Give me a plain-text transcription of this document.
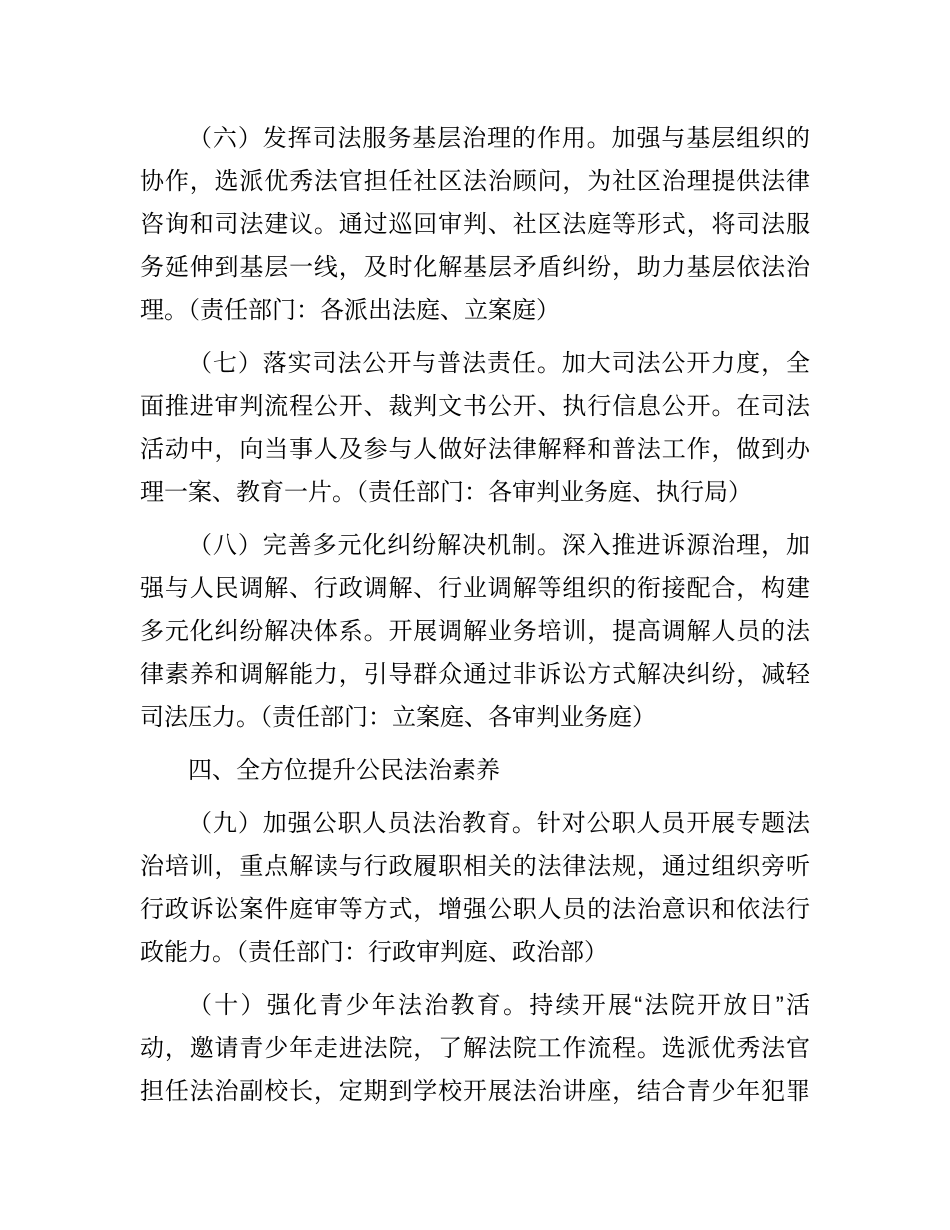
（六）发挥司法服务基层治理的作用。加强与基层组织的
协作，选派优秀法官担任社区法治顾问，为社区治理提供法律
咨询和司法建议。通过巡回审判、社区法庭等形式，将司法服
务延伸到基层一线，及时化解基层矛盾纠纷，助力基层依法治
理。（责任部门：各派出法庭、立案庭）
（七）落实司法公开与普法责任。加大司法公开力度，全
面推进审判流程公开、裁判文书公开、执行信息公开。在司法
活动中，向当事人及参与人做好法律解释和普法工作，做到办
理一案、教育一片。（责任部门：各审判业务庭、执行局）
（八）完善多元化纠纷解决机制。深入推进诉源治理，加
强与人民调解、行政调解、行业调解等组织的衔接配合，构建
多元化纠纷解决体系。开展调解业务培训，提高调解人员的法
律素养和调解能力，引导群众通过非诉讼方式解决纠纷，减轻
司法压力。（责任部门：立案庭、各审判业务庭）
四、全方位提升公民法治素养
（九）加强公职人员法治教育。针对公职人员开展专题法
治培训，重点解读与行政履职相关的法律法规，通过组织旁听
行政诉讼案件庭审等方式，增强公职人员的法治意识和依法行
政能力。（责任部门：行政审判庭、政治部）
（十）强化青少年法治教育。持续开展“法院开放日”活
动，邀请青少年走进法院，了解法院工作流程。选派优秀法官
担任法治副校长，定期到学校开展法治讲座，结合青少年犯罪
